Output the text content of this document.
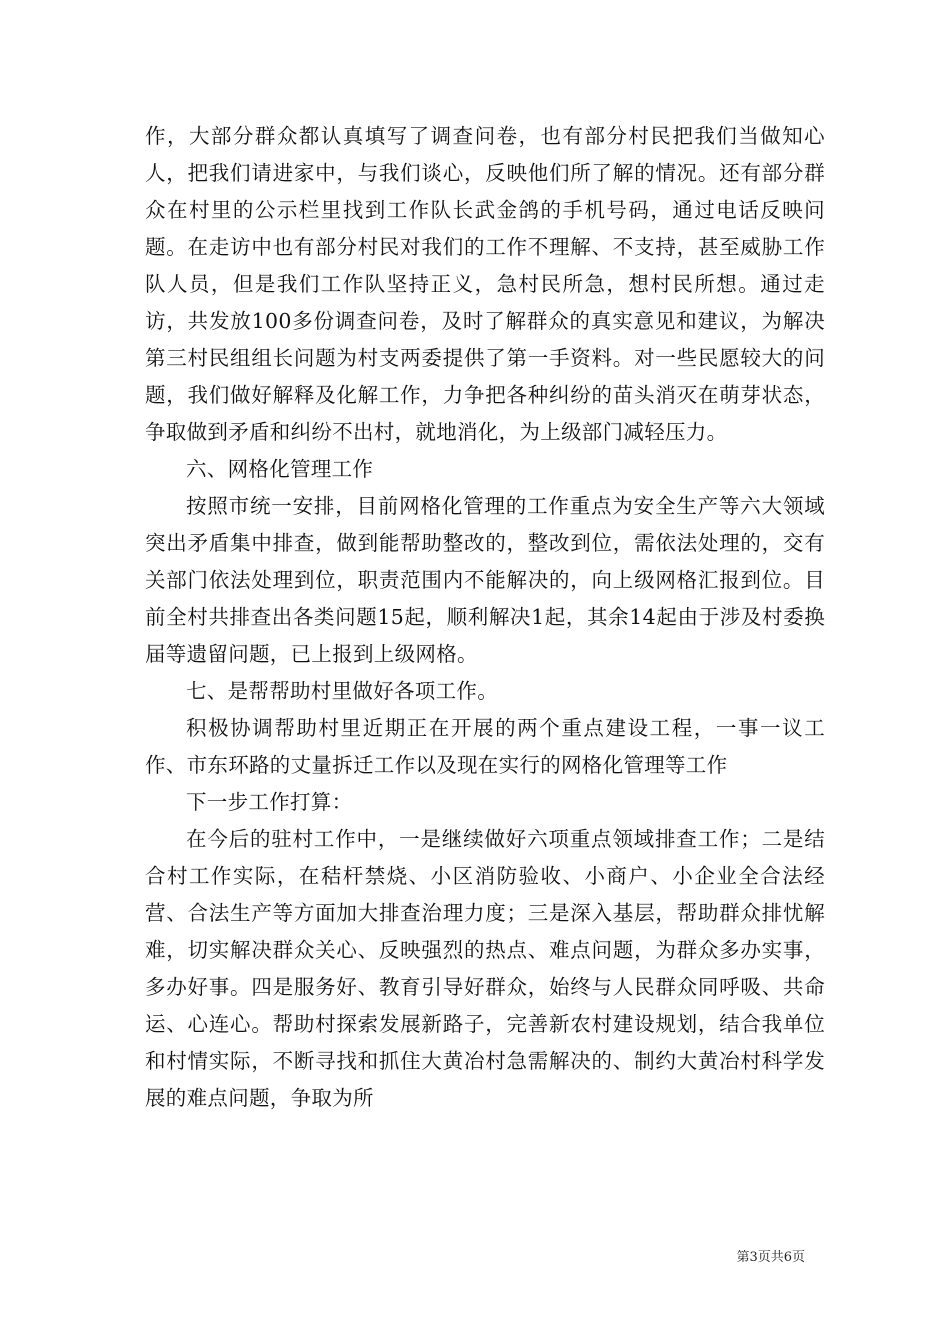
作，大部分群众都认真填写了调查问卷，也有部分村民把我们当做知心人，把我们请进家中，与我们谈心，反映他们所了解的情况。还有部分群众在村里的公示栏里找到工作队长武金鸽的手机号码，通过电话反映问题。在走访中也有部分村民对我们的工作不理解、不支持，甚至威胁工作队人员，但是我们工作队坚持正义，急村民所急，想村民所想。通过走访，共发放100多份调查问卷，及时了解群众的真实意见和建议，为解决第三村民组组长问题为村支两委提供了第一手资料。对一些民愿较大的问题，我们做好解释及化解工作，力争把各种纠纷的苗头消灭在萌芽状态，争取做到矛盾和纠纷不出村，就地消化，为上级部门减轻压力。

六、网格化管理工作

按照市统一安排，目前网格化管理的工作重点为安全生产等六大领域突出矛盾集中排查，做到能帮助整改的，整改到位，需依法处理的，交有关部门依法处理到位，职责范围内不能解决的，向上级网格汇报到位。目前全村共排查出各类问题15起，顺利解决1起，其余14起由于涉及村委换届等遗留问题，已上报到上级网格。

七、是帮帮助村里做好各项工作。

积极协调帮助村里近期正在开展的两个重点建设工程，一事一议工作、市东环路的丈量拆迁工作以及现在实行的网格化管理等工作

下一步工作打算：

在今后的驻村工作中，一是继续做好六项重点领域排查工作；二是结合村工作实际，在秸杆禁烧、小区消防验收、小商户、小企业全合法经营、合法生产等方面加大排查治理力度；三是深入基层，帮助群众排忧解难，切实解决群众关心、反映强烈的热点、难点问题，为群众多办实事，多办好事。四是服务好、教育引导好群众，始终与人民群众同呼吸、共命运、心连心。帮助村探索发展新路子，完善新农村建设规划，结合我单位和村情实际，不断寻找和抓住大黄冶村急需解决的、制约大黄冶村科学发展的难点问题，争取为所

第3页共6页
